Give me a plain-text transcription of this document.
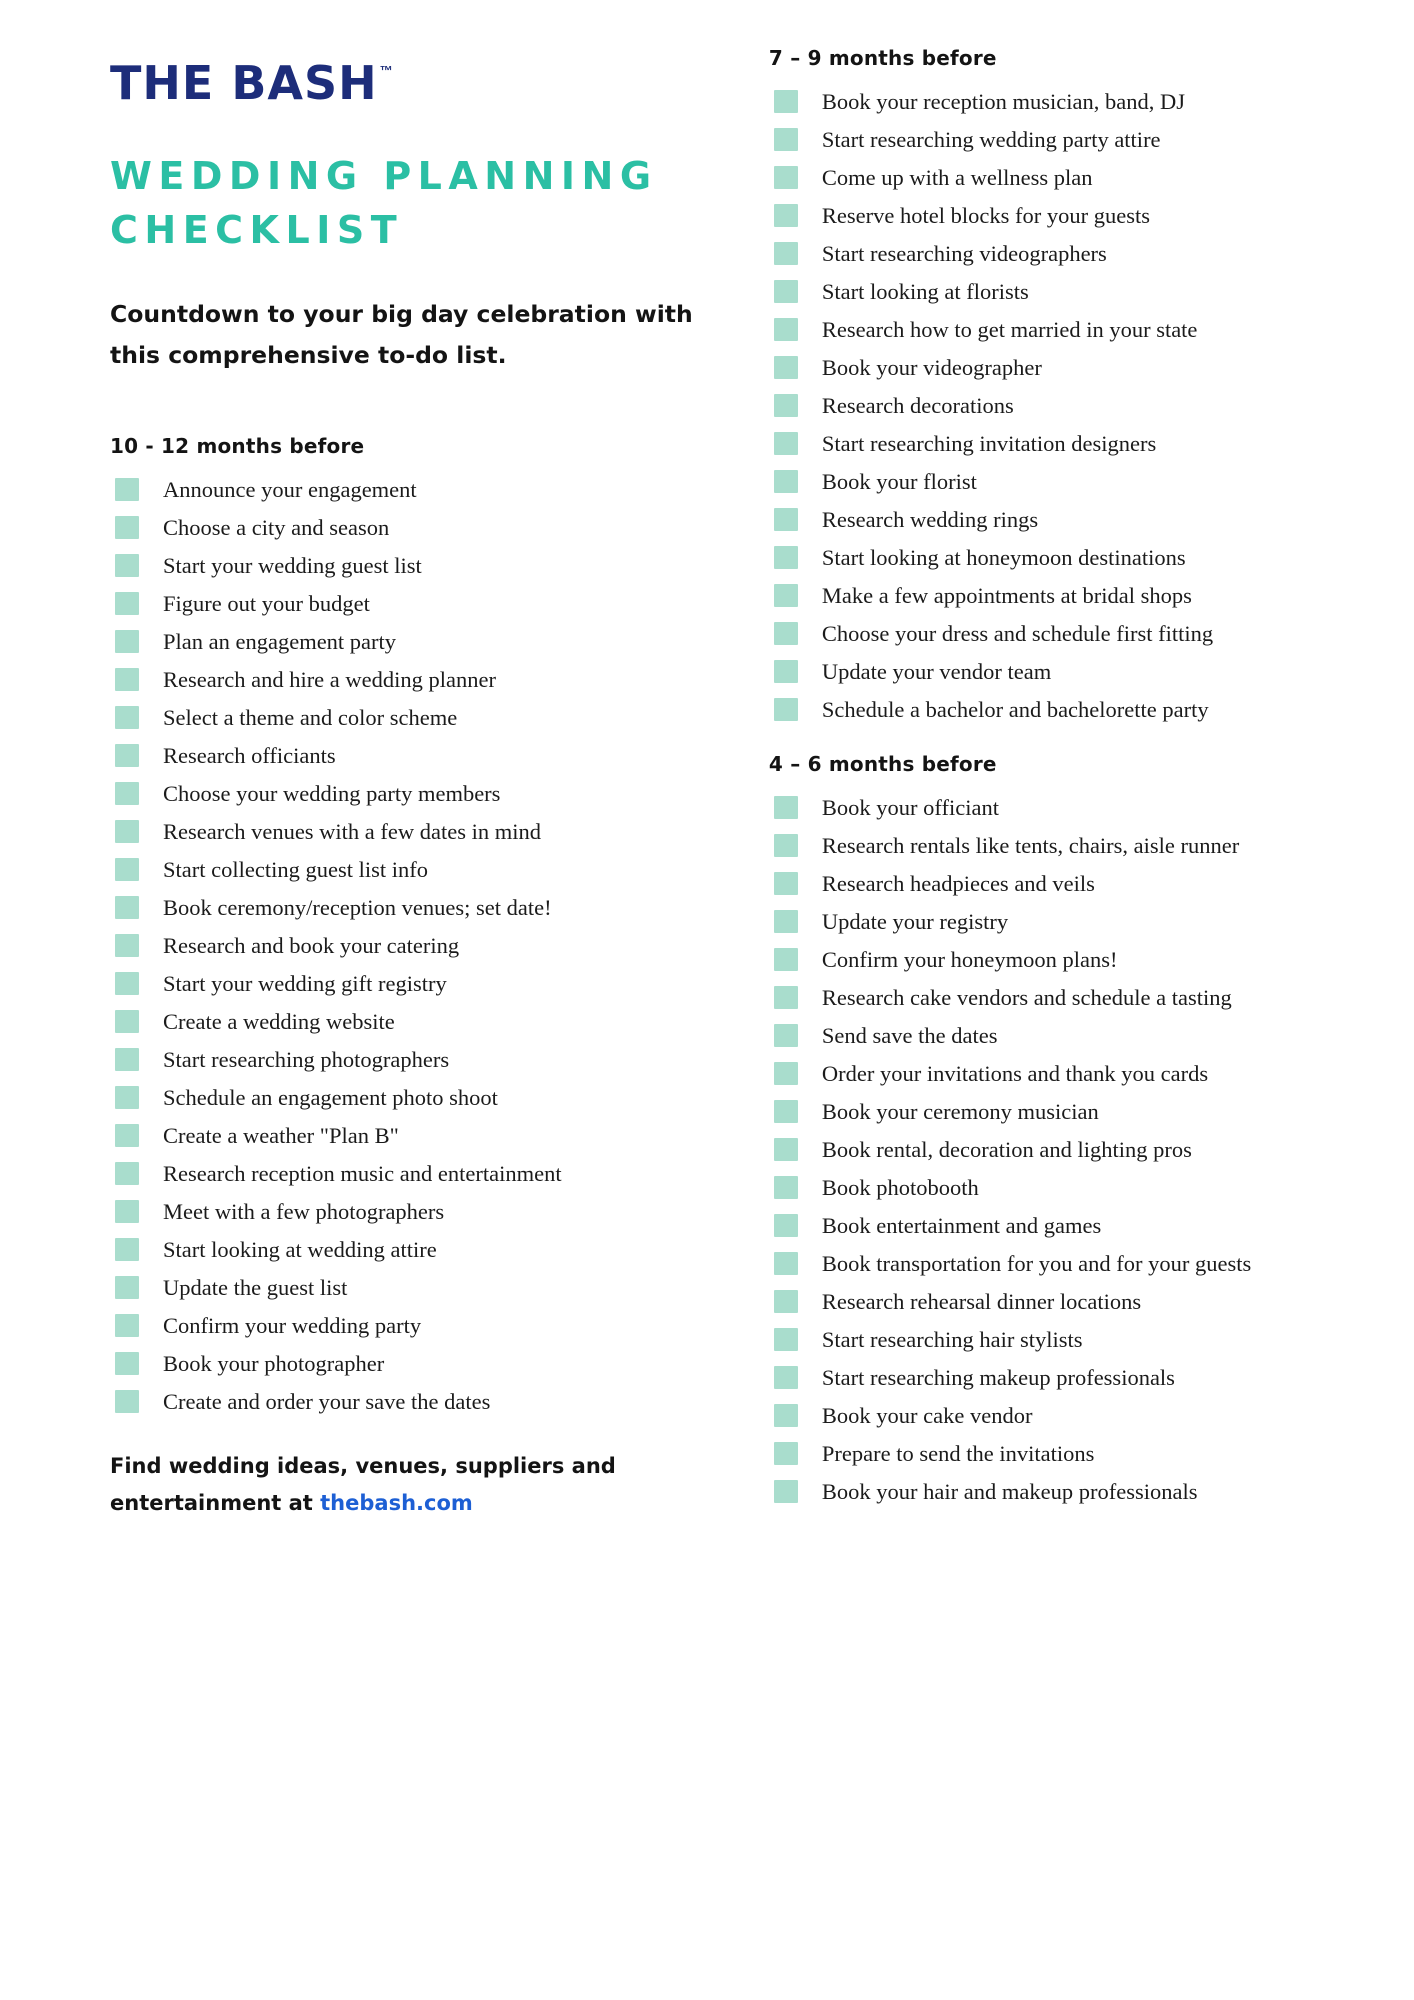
THE BASH ™
WEDDING PLANNING CHECKLIST

Countdown to your big day celebration with this comprehensive to-do list.

10 - 12 months before
Announce your engagement
Choose a city and season
Start your wedding guest list
Figure out your budget
Plan an engagement party
Research and hire a wedding planner
Select a theme and color scheme
Research officiants
Choose your wedding party members
Research venues with a few dates in mind
Start collecting guest list info
Book ceremony/reception venues; set date!
Research and book your catering
Start your wedding gift registry
Create a wedding website
Start researching photographers
Schedule an engagement photo shoot
Create a weather "Plan B"
Research reception music and entertainment
Meet with a few photographers
Start looking at wedding attire
Update the guest list
Confirm your wedding party
Book your photographer
Create and order your save the dates
Find wedding ideas, venues, suppliers and entertainment at thebash.com
7 – 9 months before
Book your reception musician, band, DJ
Start researching wedding party attire
Come up with a wellness plan
Reserve hotel blocks for your guests
Start researching videographers
Start looking at florists
Research how to get married in your state
Book your videographer
Research decorations
Start researching invitation designers
Book your florist
Research wedding rings
Start looking at honeymoon destinations
Make a few appointments at bridal shops
Choose your dress and schedule first fitting
Update your vendor team
Schedule a bachelor and bachelorette party
4 – 6 months before
Book your officiant
Research rentals like tents, chairs, aisle runner
Research headpieces and veils
Update your registry
Confirm your honeymoon plans!
Research cake vendors and schedule a tasting
Send save the dates
Order your invitations and thank you cards
Book your ceremony musician
Book rental, decoration and lighting pros
Book photobooth
Book entertainment and games
Book transportation for you and for your guests
Research rehearsal dinner locations
Start researching hair stylists
Start researching makeup professionals
Book your cake vendor
Prepare to send the invitations
Book your hair and makeup professionals
